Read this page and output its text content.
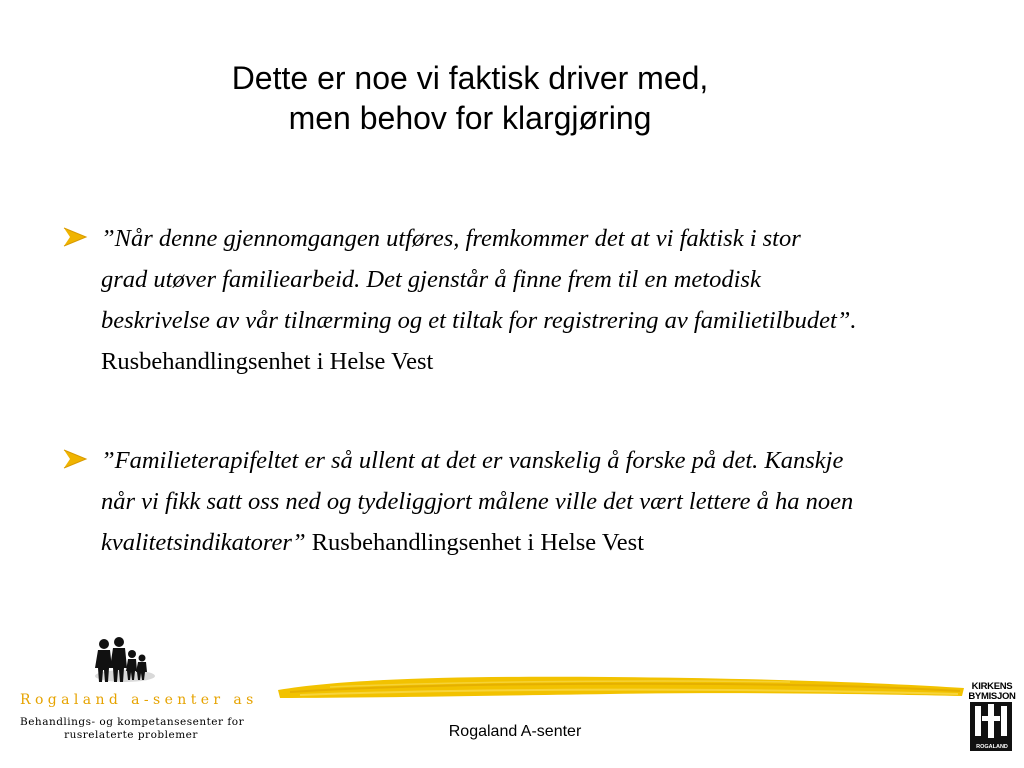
Dette er noe vi faktisk driver med,
men behov for klargjøring
”Når denne gjennomgangen utføres, fremkommer det at vi faktisk i stor
grad utøver familiearbeid. Det gjenstår å finne frem til en metodisk
beskrivelse av vår tilnærming og et tiltak for registrering av familietilbudet”.
Rusbehandlingsenhet i Helse Vest
”Familieterapifeltet er så ullent at det er vanskelig å forske på det. Kanskje
når vi fikk satt oss ned og tydeliggjort målene ville det vært lettere å ha noen
kvalitetsindikatorer” Rusbehandlingsenhet i Helse Vest
Rogaland a-senter as
Behandlings- og kompetansesenter for
rusrelaterte problemer	Rogaland A-senter
KIRKENS
BYMISJON
ROGALAND
